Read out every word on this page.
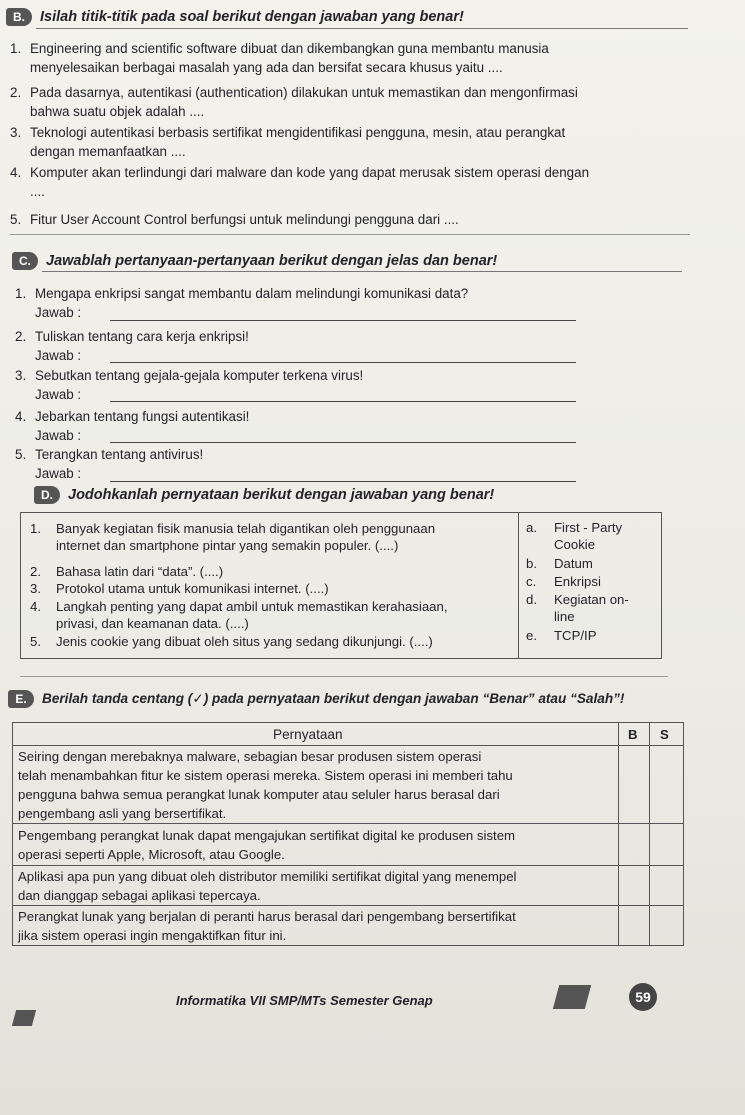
B.	Isilah titik-titik pada soal berikut dengan jawaban yang benar!
1. Engineering and scientific software dibuat dan dikembangkan guna membantu manusia
menyelesaikan berbagai masalah yang ada dan bersifat secara khusus yaitu ....
2. Pada dasarnya, autentikasi (authentication) dilakukan untuk memastikan dan mengonfirmasi
bahwa suatu objek adalah ....
3. Teknologi autentikasi berbasis sertifikat mengidentifikasi pengguna, mesin, atau perangkat
dengan memanfaatkan ....
4. Komputer akan terlindungi dari malware dan kode yang dapat merusak sistem operasi dengan
....
5. Fitur User Account Control berfungsi untuk melindungi pengguna dari ....
C.	Jawablah pertanyaan-pertanyaan berikut dengan jelas dan benar!
1. Mengapa enkripsi sangat membantu dalam melindungi komunikasi data?
Jawab :
2. Tuliskan tentang cara kerja enkripsi!
Jawab :
3. Sebutkan tentang gejala-gejala komputer terkena virus!
Jawab :
4. Jebarkan tentang fungsi autentikasi!
Jawab :
5. Terangkan tentang antivirus!
Jawab :
D.	Jodohkanlah pernyataan berikut dengan jawaban yang benar!
1. Banyak kegiatan fisik manusia telah digantikan oleh penggunaan
internet dan smartphone pintar yang semakin populer. (....)
2. Bahasa latin dari “data”. (....)
3. Protokol utama untuk komunikasi internet. (....)
4. Langkah penting yang dapat ambil untuk memastikan kerahasiaan,
privasi, dan keamanan data. (....)
5. Jenis cookie yang dibuat oleh situs yang sedang dikunjungi. (....)
a. First - Party
Cookie
b. Datum
c. Enkripsi
d. Kegiatan on-
line
e. TCP/IP
E.	Berilah tanda centang (✓) pada pernyataan berikut dengan jawaban “Benar” atau “Salah”!
Pernyataan	B S
Seiring dengan merebaknya malware, sebagian besar produsen sistem operasi
telah menambahkan fitur ke sistem operasi mereka. Sistem operasi ini memberi tahu
pengguna bahwa semua perangkat lunak komputer atau seluler harus berasal dari
pengembang asli yang bersertifikat.
Pengembang perangkat lunak dapat mengajukan sertifikat digital ke produsen sistem
operasi seperti Apple, Microsoft, atau Google.
Aplikasi apa pun yang dibuat oleh distributor memiliki sertifikat digital yang menempel
dan dianggap sebagai aplikasi tepercaya.
Perangkat lunak yang berjalan di peranti harus berasal dari pengembang bersertifikat
jika sistem operasi ingin mengaktifkan fitur ini.
Informatika VII SMP/MTs Semester Genap	59
